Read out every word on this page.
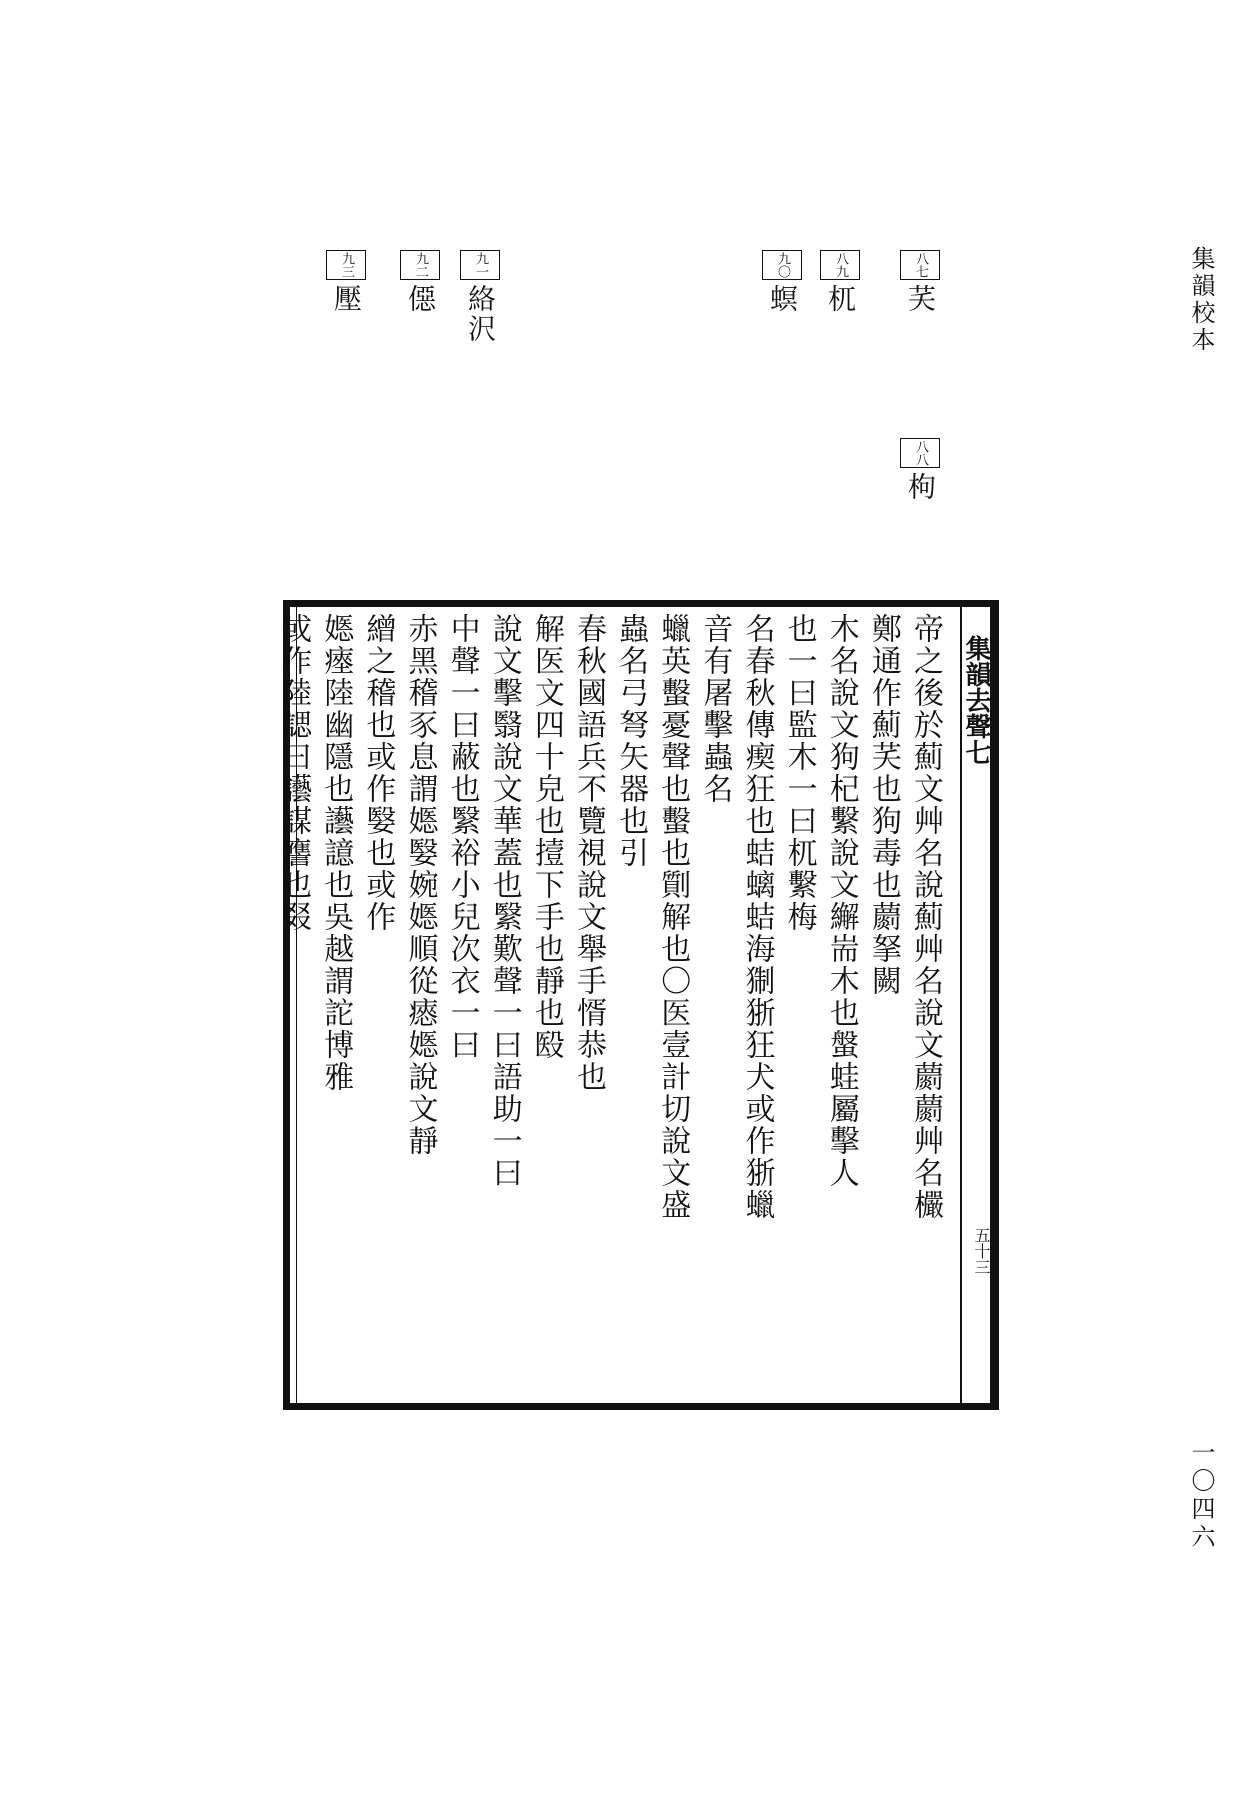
集韻校本
一〇四六
八七芺
八八枸
八九杌
九〇螟
九一絡沢
九二僫
九三壓
集韻去聲七
五十三
帝之後於薊文艸名說薊艸名說文蘮蘮艸名欕
鄭通作薊芺也狗毒也蘮拏闕
木名說文狗杞繫說文繲耑木也螌蛙屬擊人
也一曰監木一曰杌繫梅
名春秋傳瘈狂也蛣螭蛣海猘狾狂犬或作狾蠟
音有屠擊蟲名
蠟英蟿憂聲也蟿也劕解也〇医壹計切說文盛
蟲名弓弩矢器也引
春秋國語兵不覽視說文舉手㥠恭也
解医文四十皃也撎下手也靜也殹
說文擊翳說文華蓋也繄歎聲一曰語助一曰
中聲一曰蔽也繄裕小兒次衣一曰
赤黑稽豕息謂嫕嫛婉嫕順從瘱嫕說文靜
繒之稽也或作嫛也或作
嫕瘞陸幽隱也讛譩也吳越謂詑博雅
或作陸諰曰讛謀譍也叕
